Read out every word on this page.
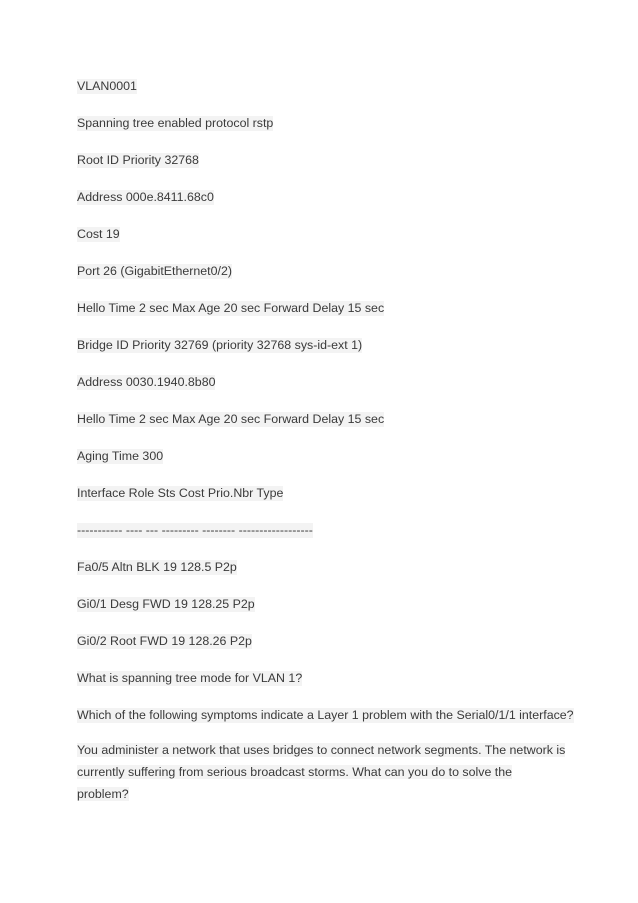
VLAN0001
Spanning tree enabled protocol rstp
Root ID Priority 32768
Address 000e.8411.68c0
Cost 19
Port 26 (GigabitEthernet0/2)
Hello Time 2 sec Max Age 20 sec Forward Delay 15 sec
Bridge ID Priority 32769 (priority 32768 sys-id-ext 1)
Address 0030.1940.8b80
Hello Time 2 sec Max Age 20 sec Forward Delay 15 sec
Aging Time 300
Interface Role Sts Cost Prio.Nbr Type
----------- ---- --- --------- -------- ------------------
Fa0/5 Altn BLK 19 128.5 P2p
Gi0/1 Desg FWD 19 128.25 P2p
Gi0/2 Root FWD 19 128.26 P2p
What is spanning tree mode for VLAN 1?
Which of the following symptoms indicate a Layer 1 problem with the Serial0/1/1 interface?
You administer a network that uses bridges to connect network segments. The network is currently suffering from serious broadcast storms. What can you do to solve the problem?
